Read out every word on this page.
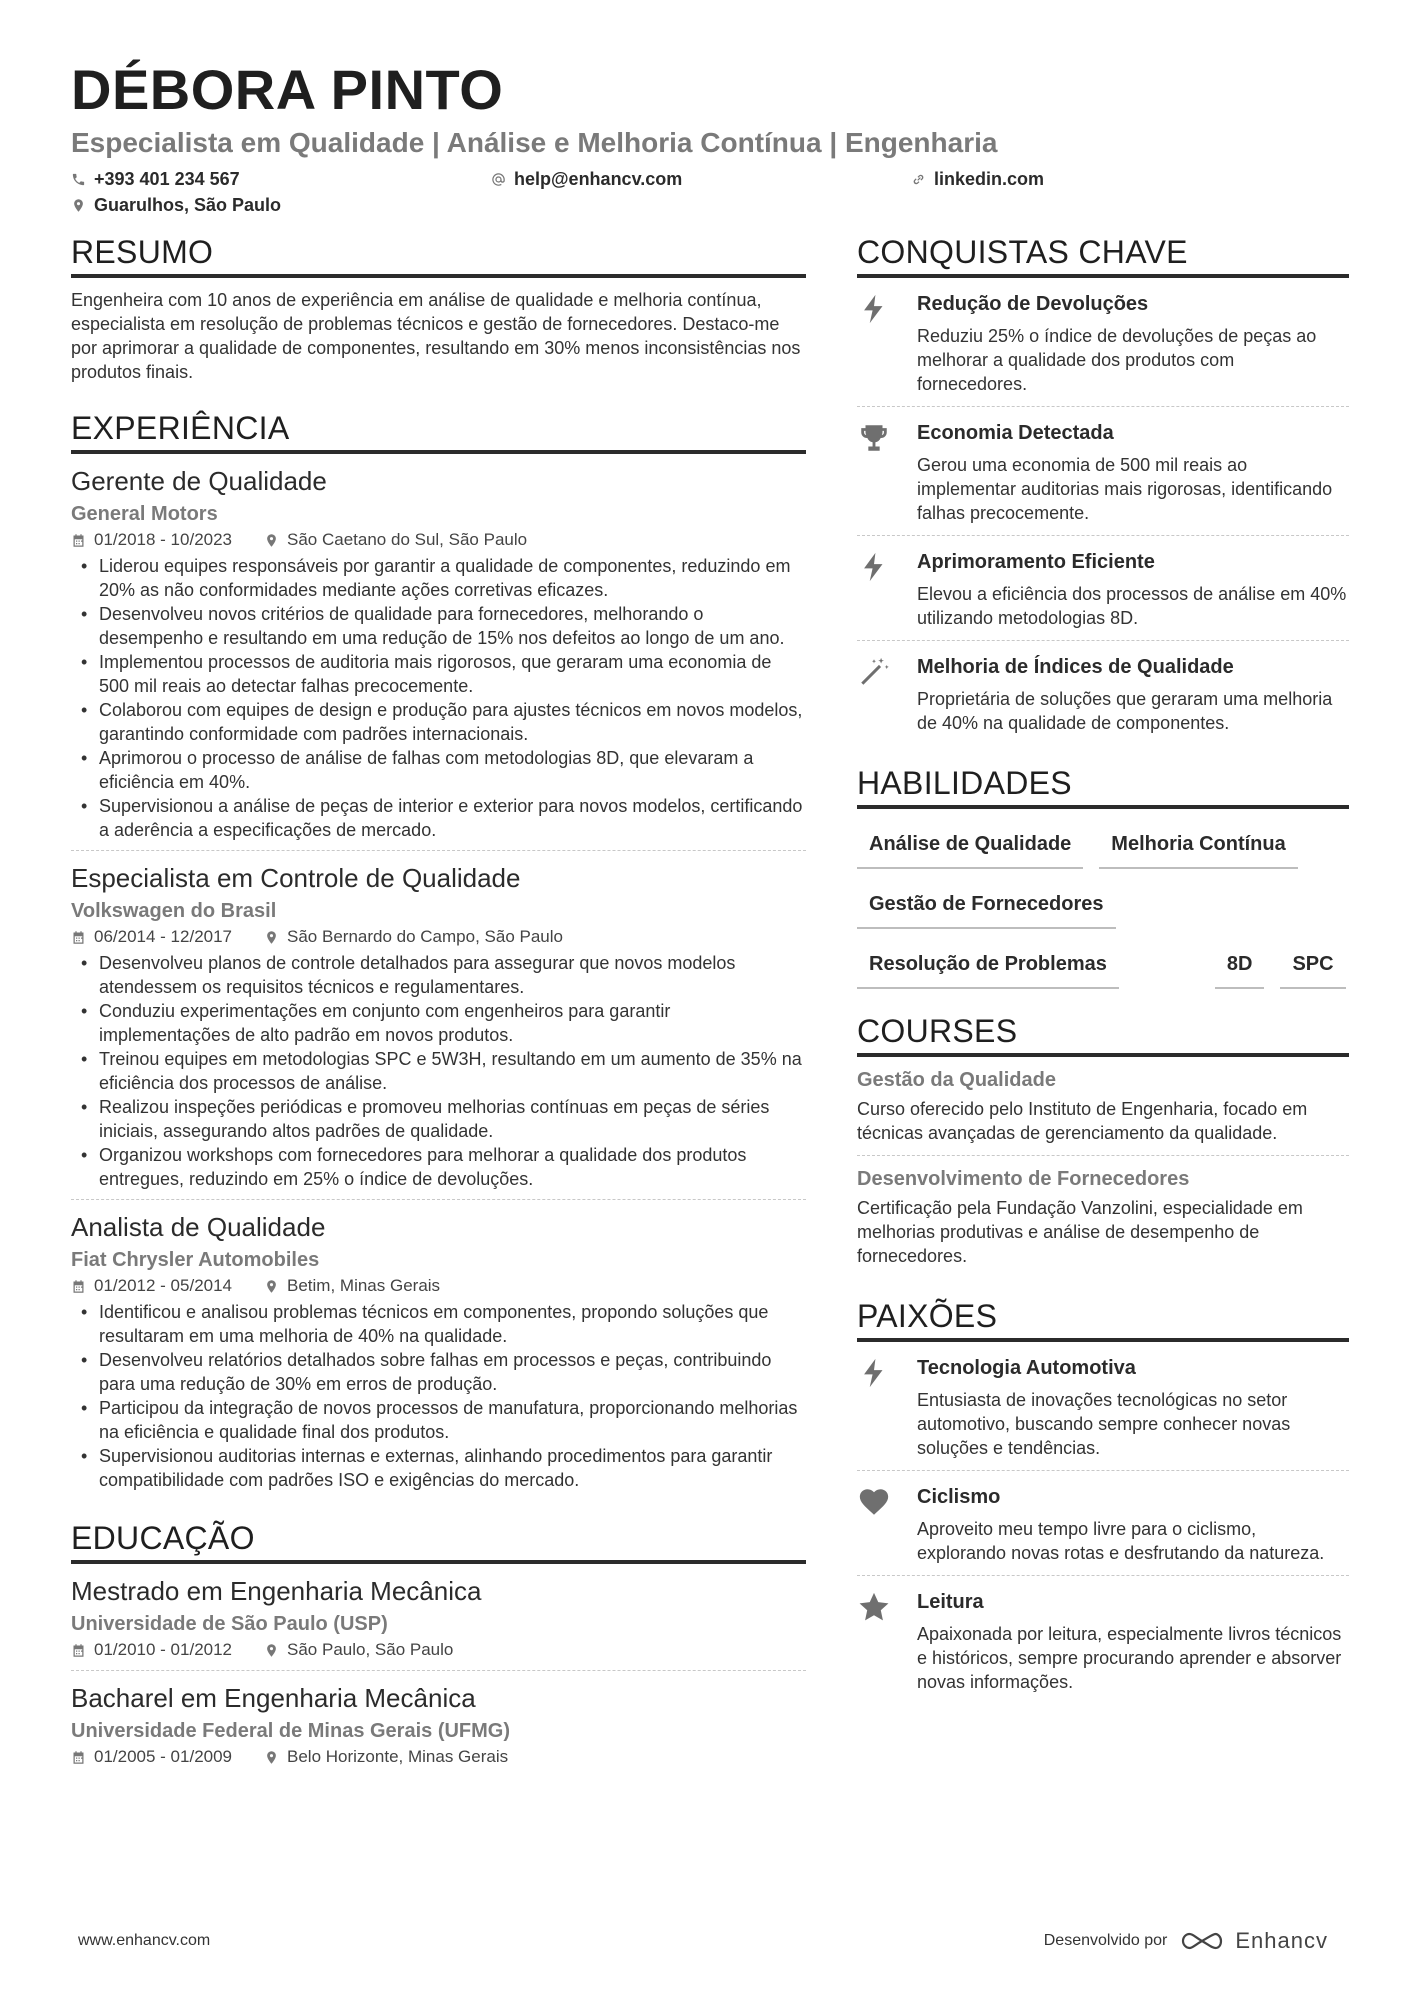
DÉBORA PINTO
Especialista em Qualidade | Análise e Melhoria Contínua | Engenharia
+393 401 234 567	help@enhancv.com	linkedin.com
Guarulhos, São Paulo
RESUMO
Engenheira com 10 anos de experiência em análise de qualidade e melhoria contínua, especialista em resolução de problemas técnicos e gestão de fornecedores. Destaco-me por aprimorar a qualidade de componentes, resultando em 30% menos inconsistências nos produtos finais.
EXPERIÊNCIA
Gerente de Qualidade
General Motors
01/2018 - 10/2023	São Caetano do Sul, São Paulo
• Liderou equipes responsáveis por garantir a qualidade de componentes, reduzindo em 20% as não conformidades mediante ações corretivas eficazes.
• Desenvolveu novos critérios de qualidade para fornecedores, melhorando o desempenho e resultando em uma redução de 15% nos defeitos ao longo de um ano.
• Implementou processos de auditoria mais rigorosos, que geraram uma economia de 500 mil reais ao detectar falhas precocemente.
• Colaborou com equipes de design e produção para ajustes técnicos em novos modelos, garantindo conformidade com padrões internacionais.
• Aprimorou o processo de análise de falhas com metodologias 8D, que elevaram a eficiência em 40%.
• Supervisionou a análise de peças de interior e exterior para novos modelos, certificando a aderência a especificações de mercado.
Especialista em Controle de Qualidade
Volkswagen do Brasil
06/2014 - 12/2017	São Bernardo do Campo, São Paulo
• Desenvolveu planos de controle detalhados para assegurar que novos modelos atendessem os requisitos técnicos e regulamentares.
• Conduziu experimentações em conjunto com engenheiros para garantir implementações de alto padrão em novos produtos.
• Treinou equipes em metodologias SPC e 5W3H, resultando em um aumento de 35% na eficiência dos processos de análise.
• Realizou inspeções periódicas e promoveu melhorias contínuas em peças de séries iniciais, assegurando altos padrões de qualidade.
• Organizou workshops com fornecedores para melhorar a qualidade dos produtos entregues, reduzindo em 25% o índice de devoluções.
Analista de Qualidade
Fiat Chrysler Automobiles
01/2012 - 05/2014	Betim, Minas Gerais
• Identificou e analisou problemas técnicos em componentes, propondo soluções que resultaram em uma melhoria de 40% na qualidade.
• Desenvolveu relatórios detalhados sobre falhas em processos e peças, contribuindo para uma redução de 30% em erros de produção.
• Participou da integração de novos processos de manufatura, proporcionando melhorias na eficiência e qualidade final dos produtos.
• Supervisionou auditorias internas e externas, alinhando procedimentos para garantir compatibilidade com padrões ISO e exigências do mercado.
EDUCAÇÃO
Mestrado em Engenharia Mecânica
Universidade de São Paulo (USP)
01/2010 - 01/2012	São Paulo, São Paulo
Bacharel em Engenharia Mecânica
Universidade Federal de Minas Gerais (UFMG)
01/2005 - 01/2009	Belo Horizonte, Minas Gerais
CONQUISTAS CHAVE
Redução de Devoluções
Reduziu 25% o índice de devoluções de peças ao melhorar a qualidade dos produtos com fornecedores.
Economia Detectada
Gerou uma economia de 500 mil reais ao implementar auditorias mais rigorosas, identificando falhas precocemente.
Aprimoramento Eficiente
Elevou a eficiência dos processos de análise em 40% utilizando metodologias 8D.
Melhoria de Índices de Qualidade
Proprietária de soluções que geraram uma melhoria de 40% na qualidade de componentes.
HABILIDADES
Análise de Qualidade	Melhoria Contínua
Gestão de Fornecedores
Resolução de Problemas	8D	SPC
COURSES
Gestão da Qualidade
Curso oferecido pelo Instituto de Engenharia, focado em técnicas avançadas de gerenciamento da qualidade.
Desenvolvimento de Fornecedores
Certificação pela Fundação Vanzolini, especialidade em melhorias produtivas e análise de desempenho de fornecedores.
PAIXÕES
Tecnologia Automotiva
Entusiasta de inovações tecnológicas no setor automotivo, buscando sempre conhecer novas soluções e tendências.
Ciclismo
Aproveito meu tempo livre para o ciclismo, explorando novas rotas e desfrutando da natureza.
Leitura
Apaixonada por leitura, especialmente livros técnicos e históricos, sempre procurando aprender e absorver novas informações.
www.enhancv.com	Desenvolvido por	Enhancv
